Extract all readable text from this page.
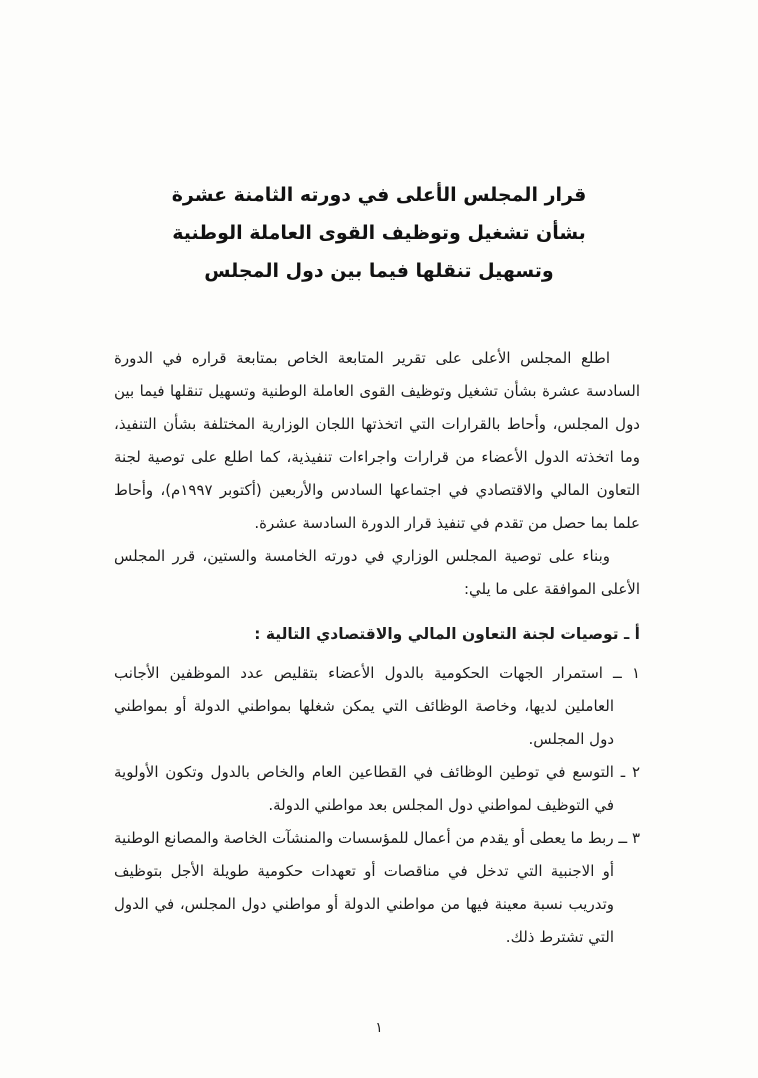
قرار المجلس الأعلى في دورته الثامنة عشرة
بشأن تشغيل وتوظيف القوى العاملة الوطنية
وتسهيل تنقلها فيما بين دول المجلس

اطلع المجلس الأعلى على تقرير المتابعة الخاص بمتابعة قراره في الدورة السادسة عشرة بشأن تشغيل وتوظيف القوى العاملة الوطنية وتسهيل تنقلها فيما بين دول المجلس، وأحاط بالقرارات التي اتخذتها اللجان الوزارية المختلفة بشأن التنفيذ، وما اتخذته الدول الأعضاء من قرارات واجراءات تنفيذية، كما اطلع على توصية لجنة التعاون المالي والاقتصادي في اجتماعها السادس والأربعين (أكتوبر ١٩٩٧م)، وأحاط علما بما حصل من تقدم في تنفيذ قرار الدورة السادسة عشرة.

وبناء على توصية المجلس الوزاري في دورته الخامسة والستين، قرر المجلس الأعلى الموافقة على ما يلي:

أ ـ توصيات لجنة التعاون المالي والاقتصادي التالية :

١ ــ استمرار الجهات الحكومية بالدول الأعضاء بتقليص عدد الموظفين الأجانب العاملين لديها، وخاصة الوظائف التي يمكن شغلها بمواطني الدولة أو بمواطني دول المجلس.

٢ ـ التوسع في توطين الوظائف في القطاعين العام والخاص بالدول وتكون الأولوية في التوظيف لمواطني دول المجلس بعد مواطني الدولة.

٣ ــ ربط ما يعطى أو يقدم من أعمال للمؤسسات والمنشآت الخاصة والمصانع الوطنية أو الاجنبية التي تدخل في مناقصات أو تعهدات حكومية طويلة الأجل بتوظيف وتدريب نسبة معينة فيها من مواطني الدولة أو مواطني دول المجلس، في الدول التي تشترط ذلك.

١
